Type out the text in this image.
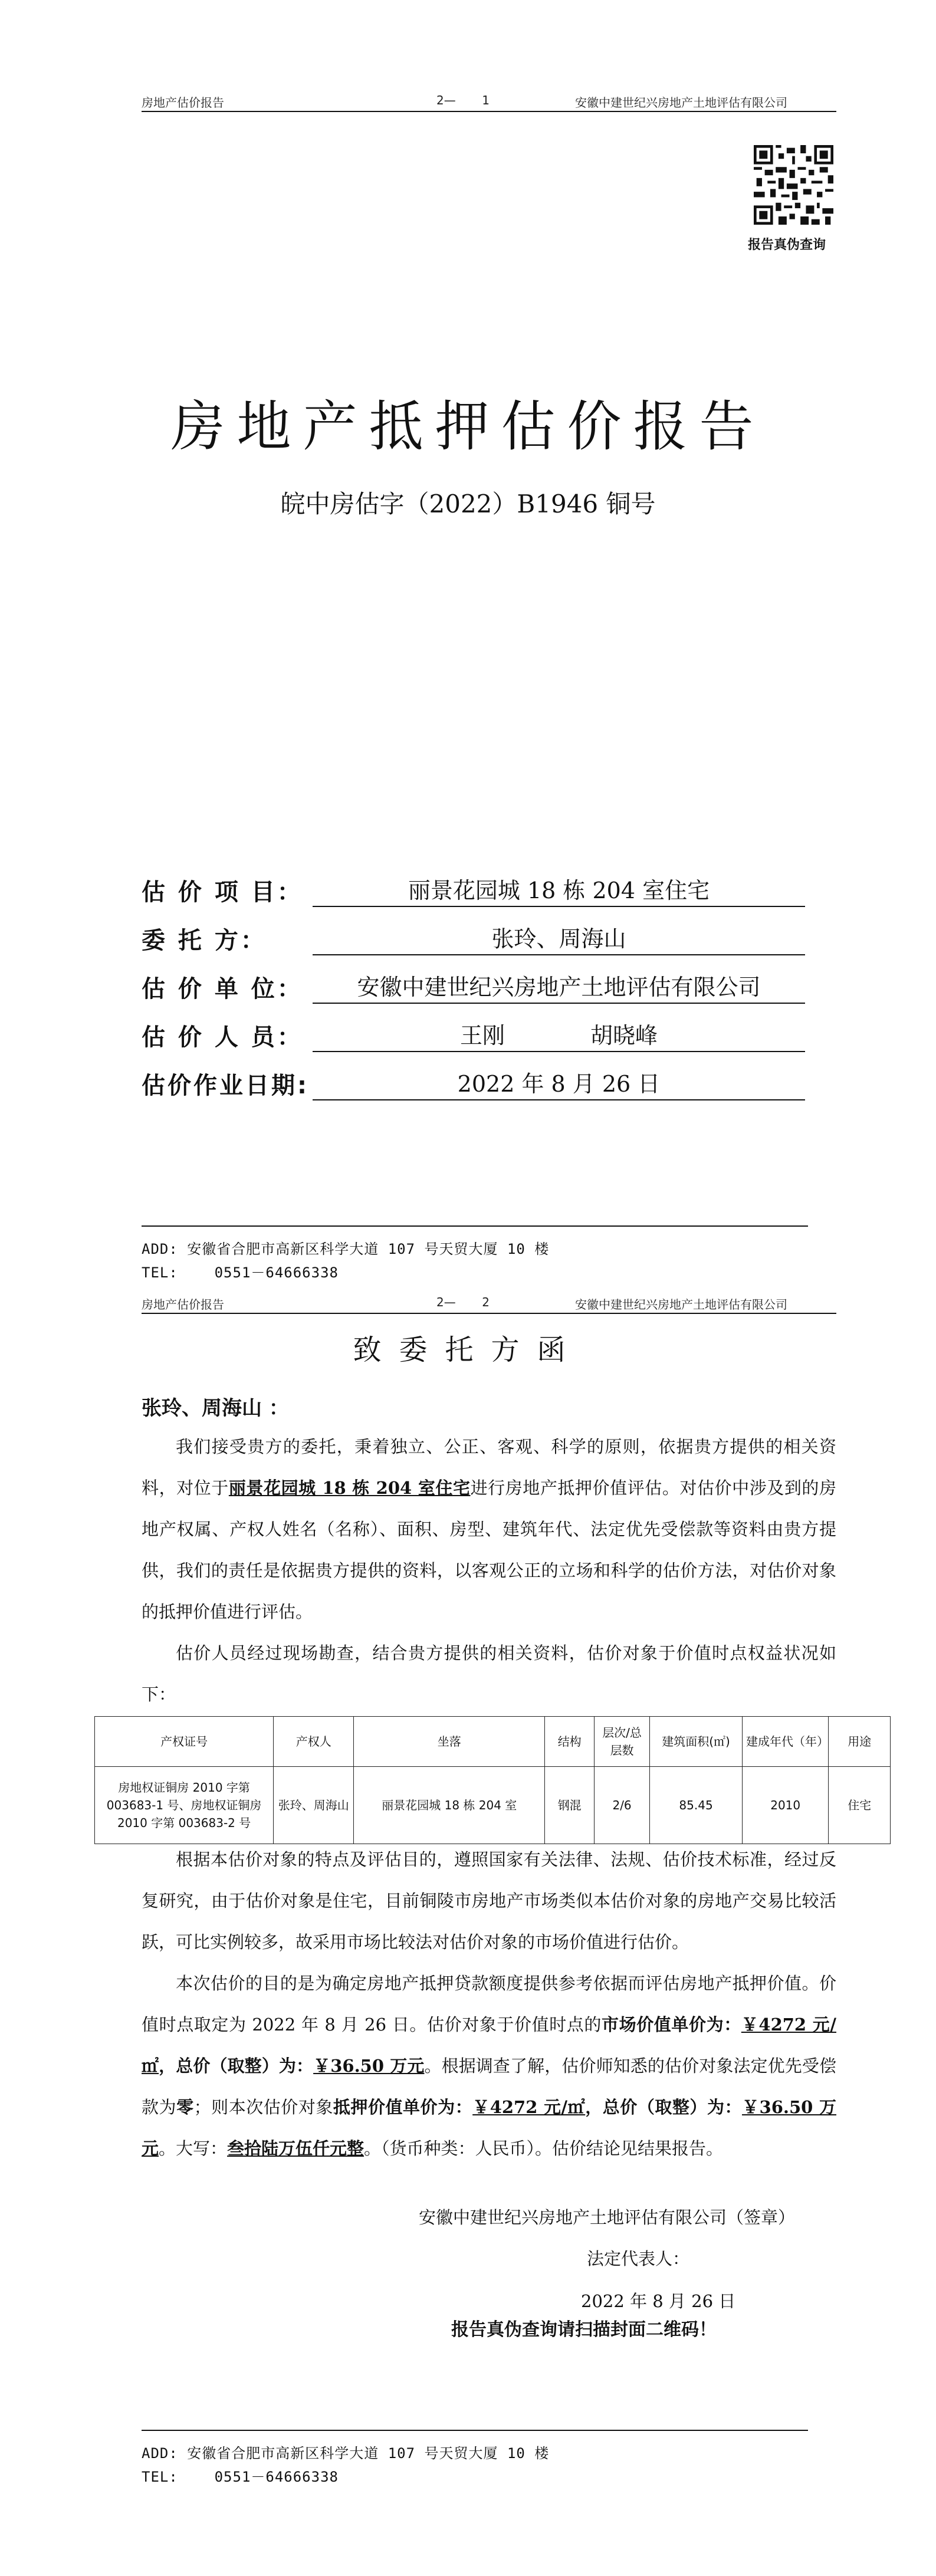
房地产估价报告	2—       1	安徽中建世纪兴房地产土地评估有限公司
报告真伪查询
房地产抵押估价报告
皖中房估字（2022）B1946 铜号
估 价 项 目：	丽景花园城 18 栋 204 室住宅
委 托 方：	张玲、周海山
估 价 单 位：	安徽中建世纪兴房地产土地评估有限公司
估 价 人 员：	王刚            胡晓峰
估价作业日期:	2022 年 8 月 26 日
ADD: 安徽省合肥市高新区科学大道 107 号天贸大厦 10 楼
TEL:    0551－64666338
房地产估价报告	2—       2	安徽中建世纪兴房地产土地评估有限公司
致委托方函
张玲、周海山 ：
我们接受贵方的委托，秉着独立、公正、客观、科学的原则，依据贵方提供的相关资料，对位于丽景花园城 18 栋 204 室住宅进行房地产抵押价值评估。对估价中涉及到的房地产权属、产权人姓名（名称）、面积、房型、建筑年代、法定优先受偿款等资料由贵方提供，我们的责任是依据贵方提供的资料，以客观公正的立场和科学的估价方法，对估价对象的抵押价值进行评估。
估价人员经过现场勘查，结合贵方提供的相关资料，估价对象于价值时点权益状况如下：
产权证号	产权人	坐落	结构	层次/总层数	建筑面积(㎡)	建成年代（年）	用途
房地权证铜房 2010 字第 003683-1 号、房地权证铜房 2010 字第 003683-2 号	张玲、周海山	丽景花园城 18 栋 204 室	钢混	2/6	85.45	2010	住宅
根据本估价对象的特点及评估目的，遵照国家有关法律、法规、估价技术标准，经过反复研究，由于估价对象是住宅，目前铜陵市房地产市场类似本估价对象的房地产交易比较活跃，可比实例较多，故采用市场比较法对估价对象的市场价值进行估价。
本次估价的目的是为确定房地产抵押贷款额度提供参考依据而评估房地产抵押价值。价值时点取定为 2022 年 8 月 26 日。估价对象于价值时点的市场价值单价为：￥4272 元/㎡，总价（取整）为：￥36.50 万元。根据调查了解，估价师知悉的估价对象法定优先受偿款为零；则本次估价对象抵押价值单价为：￥4272 元/㎡，总价（取整）为：￥36.50 万元。大写：叁拾陆万伍仟元整。（货币种类：人民币）。估价结论见结果报告。
安徽中建世纪兴房地产土地评估有限公司（签章）
法定代表人：
2022 年 8 月 26 日
报告真伪查询请扫描封面二维码！
ADD: 安徽省合肥市高新区科学大道 107 号天贸大厦 10 楼
TEL:    0551－64666338
